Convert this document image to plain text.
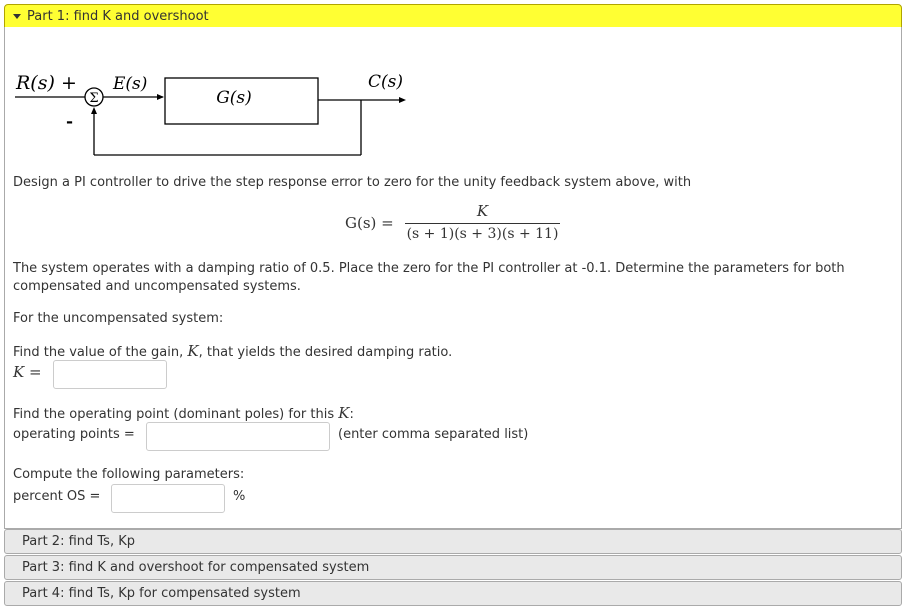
Part 1: find K and overshoot
Σ	G(s)
R(s) +
-
E(s)	C(s)
Design a PI controller to drive the step response error to zero for the unity feedback system above, with
G(s) =
K
(s + 1)(s + 3)(s + 11)
The system operates with a damping ratio of 0.5. Place the zero for the PI controller at -0.1. Determine the parameters for both compensated and uncompensated systems.
For the uncompensated system:
Find the value of the gain, K, that yields the desired damping ratio.
K =
Find the operating point (dominant poles) for this K:
operating points =	(enter comma separated list)
Compute the following parameters:
percent OS =	%
Part 2: find Ts, Kp
Part 3: find K and overshoot for compensated system
Part 4: find Ts, Kp for compensated system
